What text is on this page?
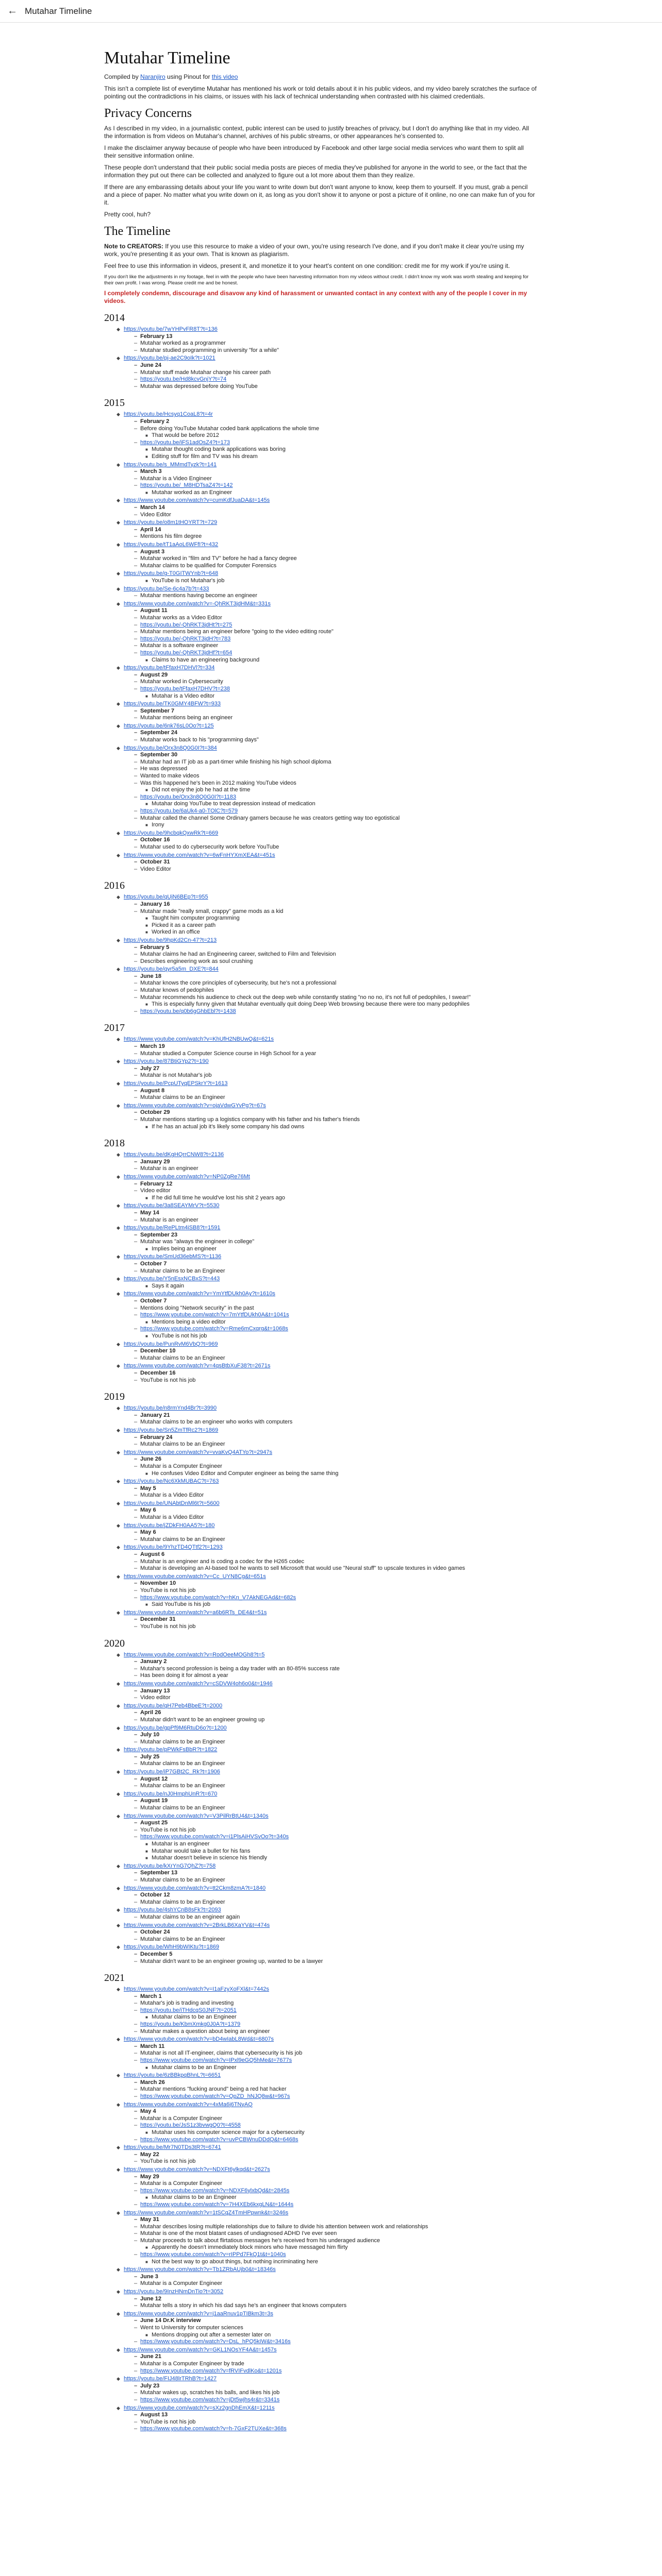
← Mutahar Timeline
Mutahar Timeline

Compiled by Naranjiro using Pinout for this video

This isn't a complete list of everytime Mutahar has mentioned his work or told details about it in his public videos, and my video barely scratches the surface of pointing out the contradictions in his claims, or issues with his lack of technical understanding when contrasted with his claimed credentials.

Privacy Concerns

As I described in my video, in a journalistic context, public interest can be used to justify breaches of privacy, but I don't do anything like that in my video. All the information is from videos on Mutahar's channel, archives of his public streams, or other appearances he's consented to.

I make the disclaimer anyway because of people who have been introduced by Facebook and other large social media services who want them to split all their sensitive information online.

These people don't understand that their public social media posts are pieces of media they've published for anyone in the world to see, or the fact that the information they put out there can be collected and analyzed to figure out a lot more about them than they realize.

If there are any embarassing details about your life you want to write down but don't want anyone to know, keep them to yourself. If you must, grab a pencil and a piece of paper. No matter what you write down on it, as long as you don't show it to anyone or post a picture of it online, no one can make fun of you for it.

Pretty cool, huh?

The Timeline

Note to CREATORS: If you use this resource to make a video of your own, you're using research I've done, and if you don't make it clear you're using my work, you're presenting it as your own. That is known as plagiarism.

Feel free to use this information in videos, present it, and monetize it to your heart's content on one condition: credit me for my work if you're using it.

If you don't like the adjustments in my footage, feel in with the people who have been harvesting information from my videos without credit. I didn't know my work was worth stealing and keeping for their own profit. I was wrong. Please credit me and be honest.

I completely condemn, discourage and disavow any kind of harassment or unwanted contact in any context with any of the people I cover in my videos.

2014
◆ https://youtu.be/7wYHPvFR8T?t=136
– February 13
– Mutahar worked as a programmer
– Mutahar studied programming in university "for a while"
◆ https://youtu.be/pj-ae2C9oIk?t=1021
– June 24
– Mutahar stuff made Mutahar change his career path
– https://youtu.be/Hd8kcvGnjY?t=74
– Mutahar was depressed before doing YouTube
2015
◆ https://youtu.be/Hcsyq1CoaL8?t=4r
– February 2
– Before doing YouTube Mutahar coded bank applications the whole time
■ That would be before 2012
– https://youtu.be/iFS1adOsZ4?t=173
■ Mutahar thought coding bank applications was boring
■ Editing stuff for film and TV was his dream
◆ https://youtu.be/s_MMmdTyzk?t=141
– March 3
– Mutahar is a Video Engineer
– https://youtu.be/_M8HDTsaZ4?t=142
■ Mutahar worked as an Engineer
◆ https://www.youtube.com/watch?v=cumKdfJuaDA&t=145s
– March 14
– Video Editor
◆ https://youtu.be/o8m1tHOYRT?t=729
– April 14
– Mentions his film degree
◆ https://youtu.be/tT1aAoL6WFfI?t=432
– August 3
– Mutahar worked in "film and TV" before he had a fancy degree
– Mutahar claims to be qualified for Computer Forensics
◆ https://youtu.be/g-T0GITWYnb?t=648
■ YouTube is not Mutahar's job
◆ https://youtu.be/Se-6c4a7b?t=433
– Mutahar mentions having become an engineer
◆ https://www.youtube.com/watch?v=-QhRKT3jdHM&t=331s
– August 11
– Mutahar works as a Video Editor
– https://youtu.be/-QhRKT3jdHt?t=275
– Mutahar mentions being an engineer before "going to the video editing route"
– https://youtu.be/-QhRKT3jdH?t=783
– Mutahar is a software engineer
– https://youtu.be/-QhRKT3jdHf?t=654
■ Claims to have an engineering background
◆ https://youtu.be/tFfaxH7DHVl?t=334
– August 29
– Mutahar worked in Cybersecurity
– https://youtu.be/tFfaxH7DHV?t=238
■ Mutahar is a Video editor
◆ https://youtu.be/TK0GMY4BFW?t=933
– September 7
– Mutahar mentions being an engineer
◆ https://youtu.be/6nk76sL0Oo?t=125
– September 24
– Mutahar works back to his "programming days"
◆ https://youtu.be/Orx3n8Q0G0I?t=384
– September 30
– Mutahar had an IT job as a part-timer while finishing his high school diploma
– He was depressed
– Wanted to make videos
– Was this happened he's been in 2012 making YouTube videos
■ Did not enjoy the job he had at the time
– https://youtu.be/Orx3n8Q0G0I?t=1183
■ Mutahar doing YouTube to treat depression instead of medication
– https://youtu.be/6aUk4-a0-TOlC?t=579
– Mutahar called the channel Some Ordinary gamers because he was creators getting way too egotistical
■ Irony
◆ https://youtu.be/9hcbqkQxwRk?t=669
– October 16
– Mutahar used to do cybersecurity work before YouTube
◆ https://www.youtube.com/watch?v=6wFnHYXmXEA&t=451s
– October 31
– Video Editor
2016
◆ https://youtu.be/qUjN6BEp?t=955
– January 16
– Mutahar made "really small, crappy" game mods as a kid
■ Taught him computer programming
■ Picked it as a career path
■ Worked in an office
◆ https://youtu.be/9hpKd2Cn-47?t=213
– February 5
– Mutahar claims he had an Engineering career, switched to Film and Television
– Describes engineering work as soul crushing
◆ https://youtu.be/qyr5a5m_DXE?t=844
– June 18
– Mutahar knows the core principles of cybersecurity, but he's not a professional
– Mutahar knows of pedophiles
– Mutahar recommends his audience to check out the deep web while constantly stating "no no no, it's not full of pedophiles, I swear!"
■ This is especially funny given that Mutahar eventually quit doing Deep Web browsing because there were too many pedophiles
– https://youtu.be/q0b6gGhbEbl?t=1438
2017
◆ https://www.youtube.com/watch?v=KhUfH2NBUwQ&t=621s
– March 19
– Mutahar studied a Computer Science course in High School for a year
◆ https://youtu.be/87BtiGYp2?t=190
– July 27
– Mutahar is not Mutahar's job
◆ https://youtu.be/PcpUTyqEPSkrY?t=1613
– August 8
– Mutahar claims to be an Engineer
◆ https://www.youtube.com/watch?v=ojaVdwGYvPg?t=67s
– October 29
– Mutahar mentions starting up a logistics company with his father and his father's friends
■ If he has an actual job it's likely some company his dad owns
2018
◆ https://youtu.be/dKgHQrrCNW8?t=2136
– January 29
– Mutahar is an engineer
◆ https://www.youtube.com/watch?v=NP0ZgRe76Mt
– February 12
– Video editor
■ If he did full time he would've lost his shit 2 years ago
◆ https://youtu.be/3a8SEAYMrV?t=5530
– May 14
– Mutahar is an engineer
◆ https://youtu.be/RePLtm4iSB8?t=1591
– September 23
– Mutahar was "always the engineer in college"
■ Implies being an engineer
◆ https://youtu.be/SmUd36ebMS?t=1136
– October 7
– Mutahar claims to be an Engineer
◆ https://youtu.be/Y5nEsxNCBxS?t=443
■ Says it again
◆ https://www.youtube.com/watch?v=YmYtfDUkh0Ay?t=1610s
– October 7
– Mentions doing "Network security" in the past
– https://www.youtube.com/watch?v=7mYtfDUkh0A&t=1041s
■ Mentions being a video editor
– https://www.youtube.com/watch?v=Rme6mCxqrg&t=1068s
■ YouTube is not his job
◆ https://youtu.be/PunRvM6VbQ?t=969
– December 10
– Mutahar claims to be an Engineer
◆ https://www.youtube.com/watch?v=4qsBtbXuF38?t=2671s
– December 16
– YouTube is not his job
2019
◆ https://youtu.be/n8rmYnd4Br?t=3990
– January 21
– Mutahar claims to be an engineer who works with computers
◆ https://youtu.be/Sn5ZmTfRc2?t=1869
– February 24
– Mutahar claims to be an Engineer
◆ https://www.youtube.com/watch?v=vvaKvQ4ATYo?t=2947s
– June 26
– Mutahar is a Computer Engineer
■ He confuses Video Editor and Computer engineer as being the same thing
◆ https://youtu.be/Nc6XkMUBAC?t=763
– May 5
– Mutahar is a Video Editor
◆ https://youtu.be/UNAbtDnMl6t?t=5600
– May 6
– Mutahar is a Video Editor
◆ https://youtu.be/jZDkFH0AA5?t=180
– May 6
– Mutahar claims to be an Engineer
◆ https://youtu.be/9YhzTD4QTtf2?t=1293
– August 6
– Mutahar is an engineer and is coding a codec for the H265 codec
– Mutahar is developing an AI-based tool he wants to sell Microsoft that would use "Neural stuff" to upscale textures in video games
◆ https://www.youtube.com/watch?v=Cc_UYN8Cg&t=651s
– November 10
– YouTube is not his job
– https://www.youtube.com/watch?v=hKn_V7AkNEGAd&t=682s
■ Said YouTube is his job
◆ https://www.youtube.com/watch?v=a6b6RTs_DE4&t=51s
– December 31
– YouTube is not his job
2020
◆ https://www.youtube.com/watch?v=RodOeeMOGh8?t=5
– January 2
– Mutahar's second profession is being a day trader with an 80-85% success rate
– Has been doing it for almost a year
◆ https://www.youtube.com/watch?v=cSDVW4oh6o0&t=1946
– January 13
– Video editor
◆ https://youtu.be/qH7Peb4BbeE?t=2000
– April 26
– Mutahar didn't want to be an engineer growing up
◆ https://youtu.be/gpPf9M6RtuD6o?t=1200
– July 10
– Mutahar claims to be an Engineer
◆ https://youtu.be/pPWkFsBbR?t=1822
– July 25
– Mutahar claims to be an Engineer
◆ https://youtu.be/iP7GBt2C_Rk?t=1906
– August 12
– Mutahar claims to be an Engineer
◆ https://youtu.be/nJ0HmphUnR?t=670
– August 19
– Mutahar claims to be an Engineer
◆ https://www.youtube.com/watch?v=V3PilRrBtU4&t=1340s
– August 25
– YouTube is not his job
– https://www.youtube.com/watch?v=i1PlsAiHVSvOo?t=340s
■ Mutahar is an engineer
■ Mutahar would take a bullet for his fans
■ Mutahar doesn't believe in science his friendly
◆ https://youtu.be/kXrYnG7QhZ?t=758
– September 13
– Mutahar claims to be an Engineer
◆ https://www.youtube.com/watch?v=tt2Ckm8zmA?t=1840
– October 12
– Mutahar claims to be an Engineer
◆ https://youtu.be/4shYCnB8sFk?t=2093
– Mutahar claims to be an engineer again
◆ https://www.youtube.com/watch?v=2BrkLB6XaYV&t=474s
– October 24
– Mutahar claims to be an Engineer
◆ https://youtu.be/WhH9bWIKtu?t=1869
– December 5
– Mutahar didn't want to be an engineer growing up, wanted to be a lawyer
2021
◆ https://www.youtube.com/watch?v=I1aFzyXoFXl&t=7442s
– March 1
– Mutahar's job is trading and investing
– https://youtu.be/iTHdcqS0JNF?t=2051
■ Mutahar claims to be an Engineer
– https://youtu.be/KbmXmkg0J0A?t=1379
– Mutahar makes a question about being an engineer
◆ https://www.youtube.com/watch?v=bD4wIabL8Wd&t=6807s
– March 11
– Mutahar is not all IT-engineer, claims that cybersecurity is his job
– https://www.youtube.com/watch?v=IPxl9eGQ5hMe&t=7677s
■ Mutahar claims to be an Engineer
◆ https://youtu.be/6zBBkpqBhnL?t=6651
– March 26
– Mutahar mentions "fucking around" being a red hat hacker
– https://www.youtube.com/watch?v=QpZD_hNJQ8w&t=967s
◆ https://www.youtube.com/watch?v=4xMa6j6TNyAQ
– May 4
– Mutahar is a Computer Engineer
– https://youtu.be/JsS1z3bvwgQ0?t=4558
■ Mutahar uses his computer science major for a cybersecurity
– https://www.youtube.com/watch?v=uvPCBWnuDDdQ&t=6468s
◆ https://youtu.be/Mr7N0TDs3tR?t=6741
– May 22
– YouTube is not his job
◆ https://www.youtube.com/watch?v=NDXFt6ylkqd&t=2627s
– May 29
– Mutahar is a Computer Engineer
– https://www.youtube.com/watch?v=NDXF6ylxbQd&t=2845s
■ Mutahar claims to be an Engineer
– https://www.youtube.com/watch?v=7H4XEb6kxgLN&t=1644s
◆ https://www.youtube.com/watch?v=1tSCqZ4TmHPpwnk&t=3246s
– May 31
– Mutahar describes losing multiple relationships due to failure to divide his attention between work and relationships
– Mutahar is one of the most blatant cases of undiagnosed ADHD I've ever seen
– Mutahar proceeds to talk about flirtatious messages he's received from his underaged audience
■ Apparently he doesn't immediately block minors who have messaged him flirty
– https://www.youtube.com/watch?v=rIPPd7FkQ1t&t=1040s
■ Not the best way to go about things, but nothing incriminating here
◆ https://www.youtube.com/watch?v=Tb1ZRbAUjb0&t=18346s
– June 3
– Mutahar is a Computer Engineer
◆ https://youtu.be/9InzHNmDnTio?t=3052
– June 12
– Mutahar tells a story in which his dad says he's an engineer that knows computers
◆ https://www.youtube.com/watch?v=j1aaRnuv1pTIBkm3t=3s
– June 14 Dr.K interview
– Went to University for computer sciences
■ Mentions dropping out after a semester later on
– https://www.youtube.com/watch?v=DsL_hPQ5kIW&t=3416s
◆ https://www.youtube.com/watch?v=GKL1NOsYF4A&t=1457s
– June 21
– Mutahar is a Computer Engineer by trade
– https://www.youtube.com/watch?v=fRVIFvdlKo&t=1201s
◆ https://youtu.be/FIJ48lrTRhB?t=1427
– July 23
– Mutahar wakes up, scratches his balls, and likes his job
– https://www.youtube.com/watch?v=jDt5wjhs4r&t=3341s
◆ https://www.youtube.com/watch?v=sXz2gnDhEmX&t=1211s
– August 13
– YouTube is not his job
– https://www.youtube.com/watch?v=h-7GxF2TUXe&t=368s
